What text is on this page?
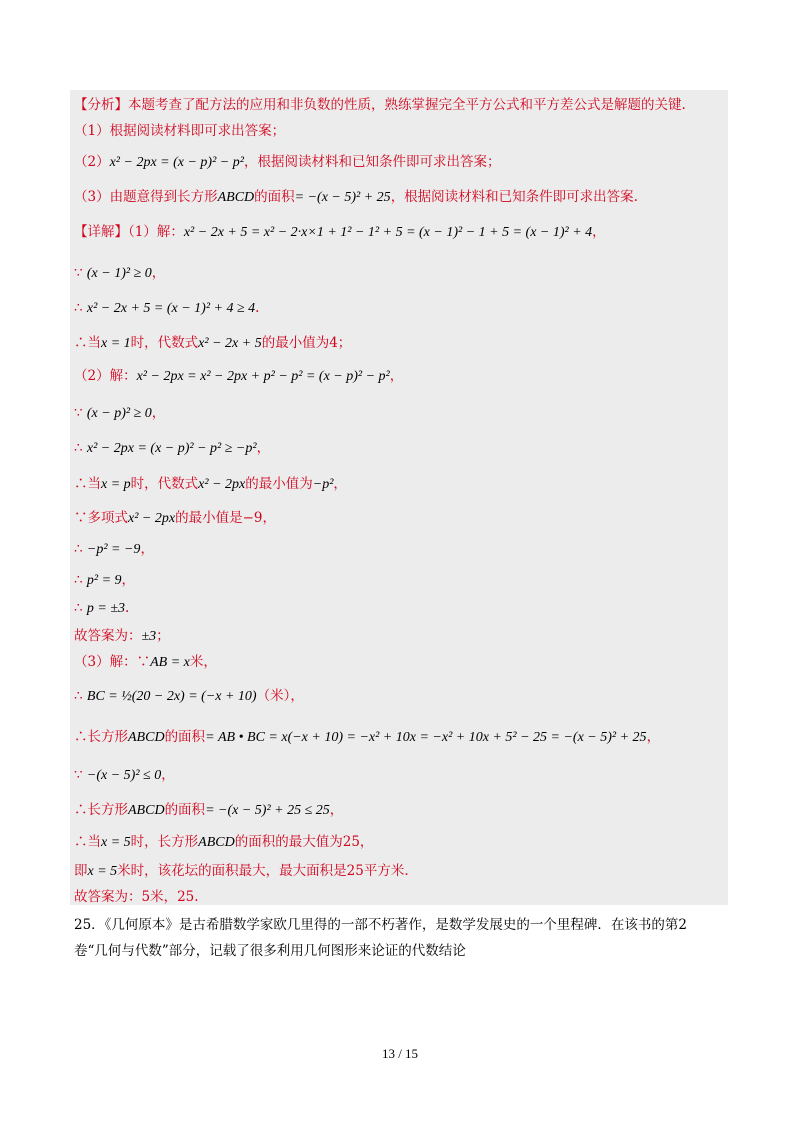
【分析】本题考查了配方法的应用和非负数的性质，熟练掌握完全平方公式和平方差公式是解题的关键.
（1）根据阅读材料即可求出答案；
（2）x² − 2px = (x − p)² − p²，根据阅读材料和已知条件即可求出答案；
（3）由题意得到长方形ABCD的面积= −(x − 5)² + 25，根据阅读材料和已知条件即可求出答案.
【详解】（1）解：x² − 2x + 5 = x² − 2·x×1 + 1² − 1² + 5 = (x − 1)² − 1 + 5 = (x − 1)² + 4，
∵ (x − 1)² ≥ 0，
∴ x² − 2x + 5 = (x − 1)² + 4 ≥ 4.
∴当x = 1时，代数式x² − 2x + 5的最小值为4；
（2）解：x² − 2px = x² − 2px + p² − p² = (x − p)² − p²，
∵ (x − p)² ≥ 0，
∴ x² − 2px = (x − p)² − p² ≥ −p²，
∴当x = p时，代数式x² − 2px的最小值为−p²，
∵多项式x² − 2px的最小值是−9，
∴ −p² = −9，
∴ p² = 9，
∴ p = ±3.
故答案为：±3；
（3）解：∵AB = x米，
∴ BC = ½(20 − 2x) = (−x + 10)（米），
∴长方形ABCD的面积= AB • BC = x(−x + 10) = −x² + 10x = −x² + 10x + 5² − 25 = −(x − 5)² + 25，
∵ −(x − 5)² ≤ 0，
∴长方形ABCD的面积= −(x − 5)² + 25 ≤ 25，
∴当x = 5时，长方形ABCD的面积的最大值为25，
即x = 5米时，该花坛的面积最大，最大面积是25平方米.
故答案为：5米，25.
25．《几何原本》是古希腊数学家欧几里得的一部不朽著作，是数学发展史的一个里程碑．在该书的第2
卷“几何与代数”部分，记载了很多利用几何图形来论证的代数结论
13 / 15
